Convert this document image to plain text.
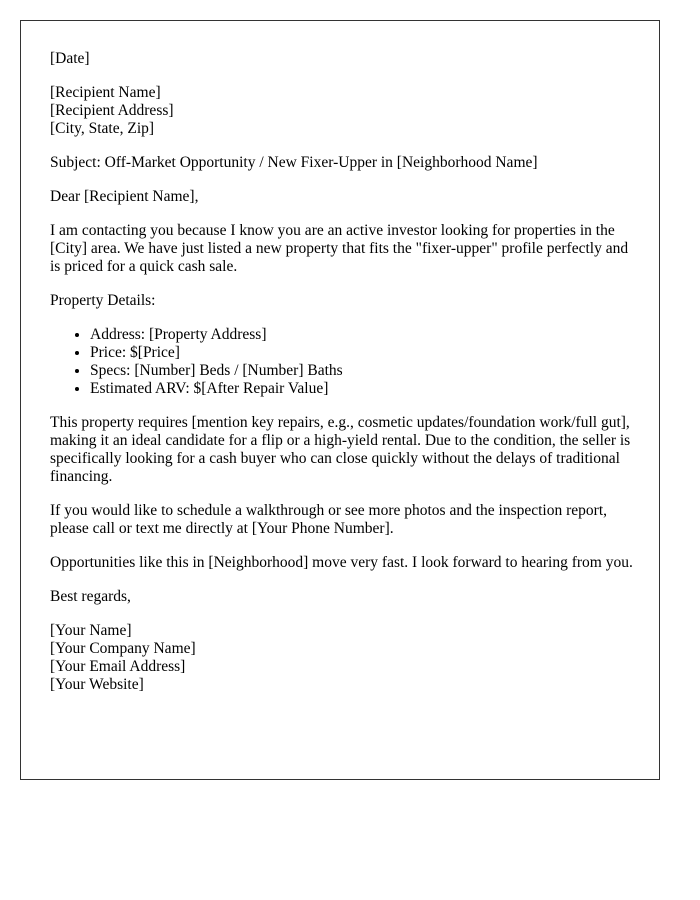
[Date]
[Recipient Name]
[Recipient Address]
[City, State, Zip]

Subject: Off-Market Opportunity / New Fixer-Upper in [Neighborhood Name]

Dear [Recipient Name],

I am contacting you because I know you are an active investor looking for properties in the [City] area. We have just listed a new property that fits the "fixer-upper" profile perfectly and is priced for a quick cash sale.

Property Details:

• Address: [Property Address]
• Price: $[Price]
• Specs: [Number] Beds / [Number] Baths
• Estimated ARV: $[After Repair Value]

This property requires [mention key repairs, e.g., cosmetic updates/foundation work/full gut], making it an ideal candidate for a flip or a high-yield rental. Due to the condition, the seller is specifically looking for a cash buyer who can close quickly without the delays of traditional financing.

If you would like to schedule a walkthrough or see more photos and the inspection report, please call or text me directly at [Your Phone Number].

Opportunities like this in [Neighborhood] move very fast. I look forward to hearing from you.

Best regards,

[Your Name]
[Your Company Name]
[Your Email Address]
[Your Website]
